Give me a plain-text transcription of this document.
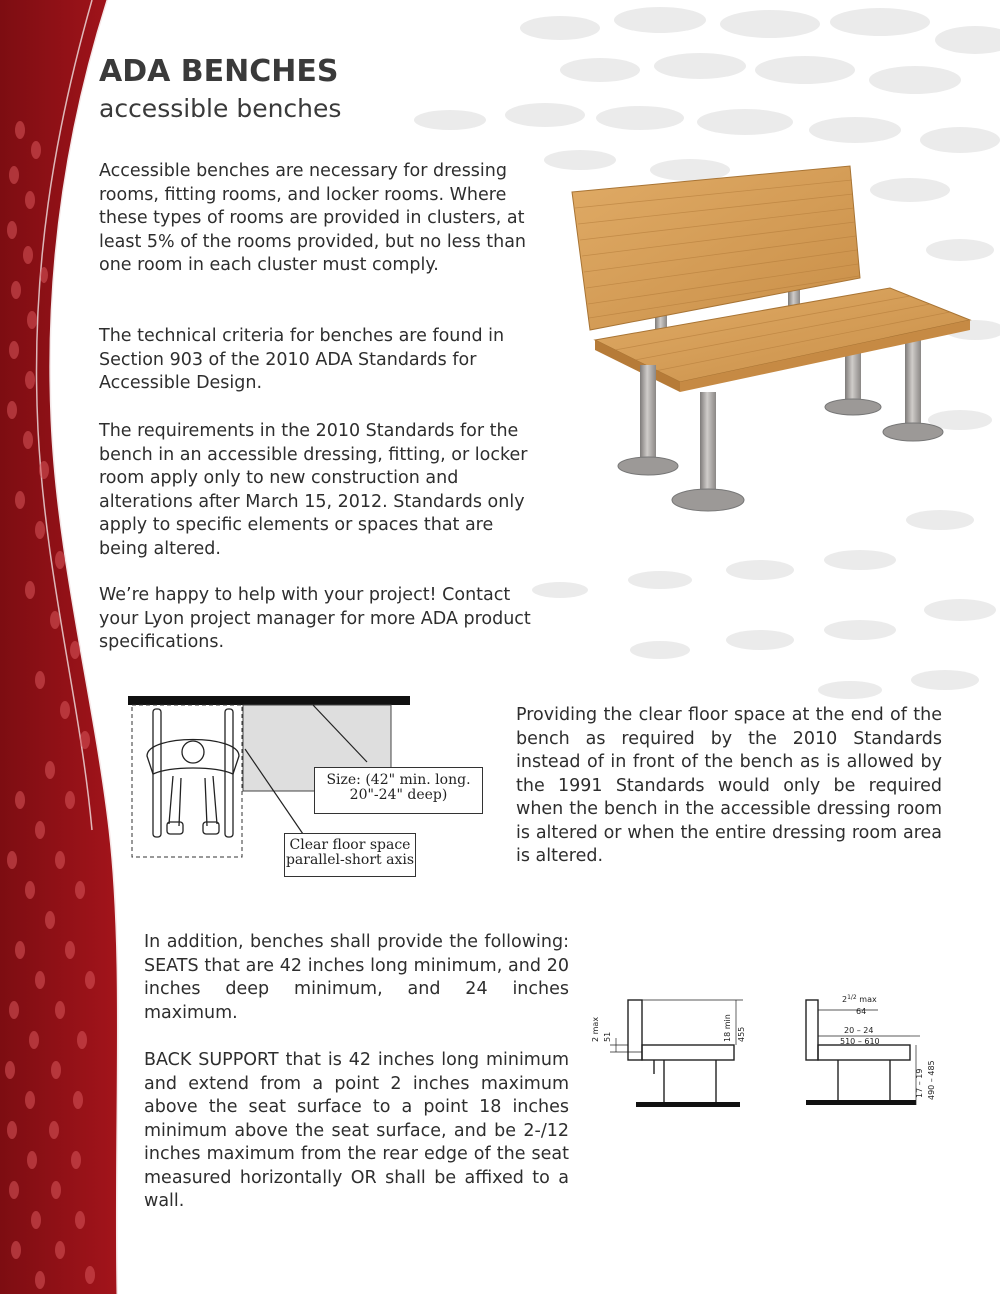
ADA BENCHES
accessible benches
Accessible benches are necessary for dressing rooms, fitting rooms, and locker rooms. Where these types of rooms are provided in clusters, at least 5% of the rooms provided, but no less than one room in each cluster must comply.
The technical criteria for benches are found in Section 903 of the 2010 ADA Standards for Accessible Design.
The requirements in the 2010 Standards for the bench in an accessible dressing, fitting, or locker room apply only to new construction and alterations after March 15, 2012. Standards only apply to specific elements or spaces that are being altered.
We’re happy to help with your project! Contact your Lyon project manager for more ADA product specifications.
Size: (42" min. long.
20"-24" deep)
Clear floor space
parallel-short axis
Providing the clear floor space at the end of the bench as required by the 2010 Standards instead of in front of the bench as is allowed by the 1991 Standards would only be required when the bench in the accessible dressing room is altered or when the entire dressing room area is altered.
In addition, benches shall provide the following: SEATS that are 42 inches long minimum, and 20 inches deep minimum, and 24 inches maximum.
BACK SUPPORT that is 42 inches long minimum and extend from a point 2 inches maximum above the seat surface to a point 18 inches minimum above the seat surface, and be 2-/12 inches maximum from the rear edge of the seat measured horizontally OR shall be affixed to a wall.
2 max 51	18 min 455
$2^{1/2}$ max
64
20 – 24
510 – 610
17 – 19 490 – 485
